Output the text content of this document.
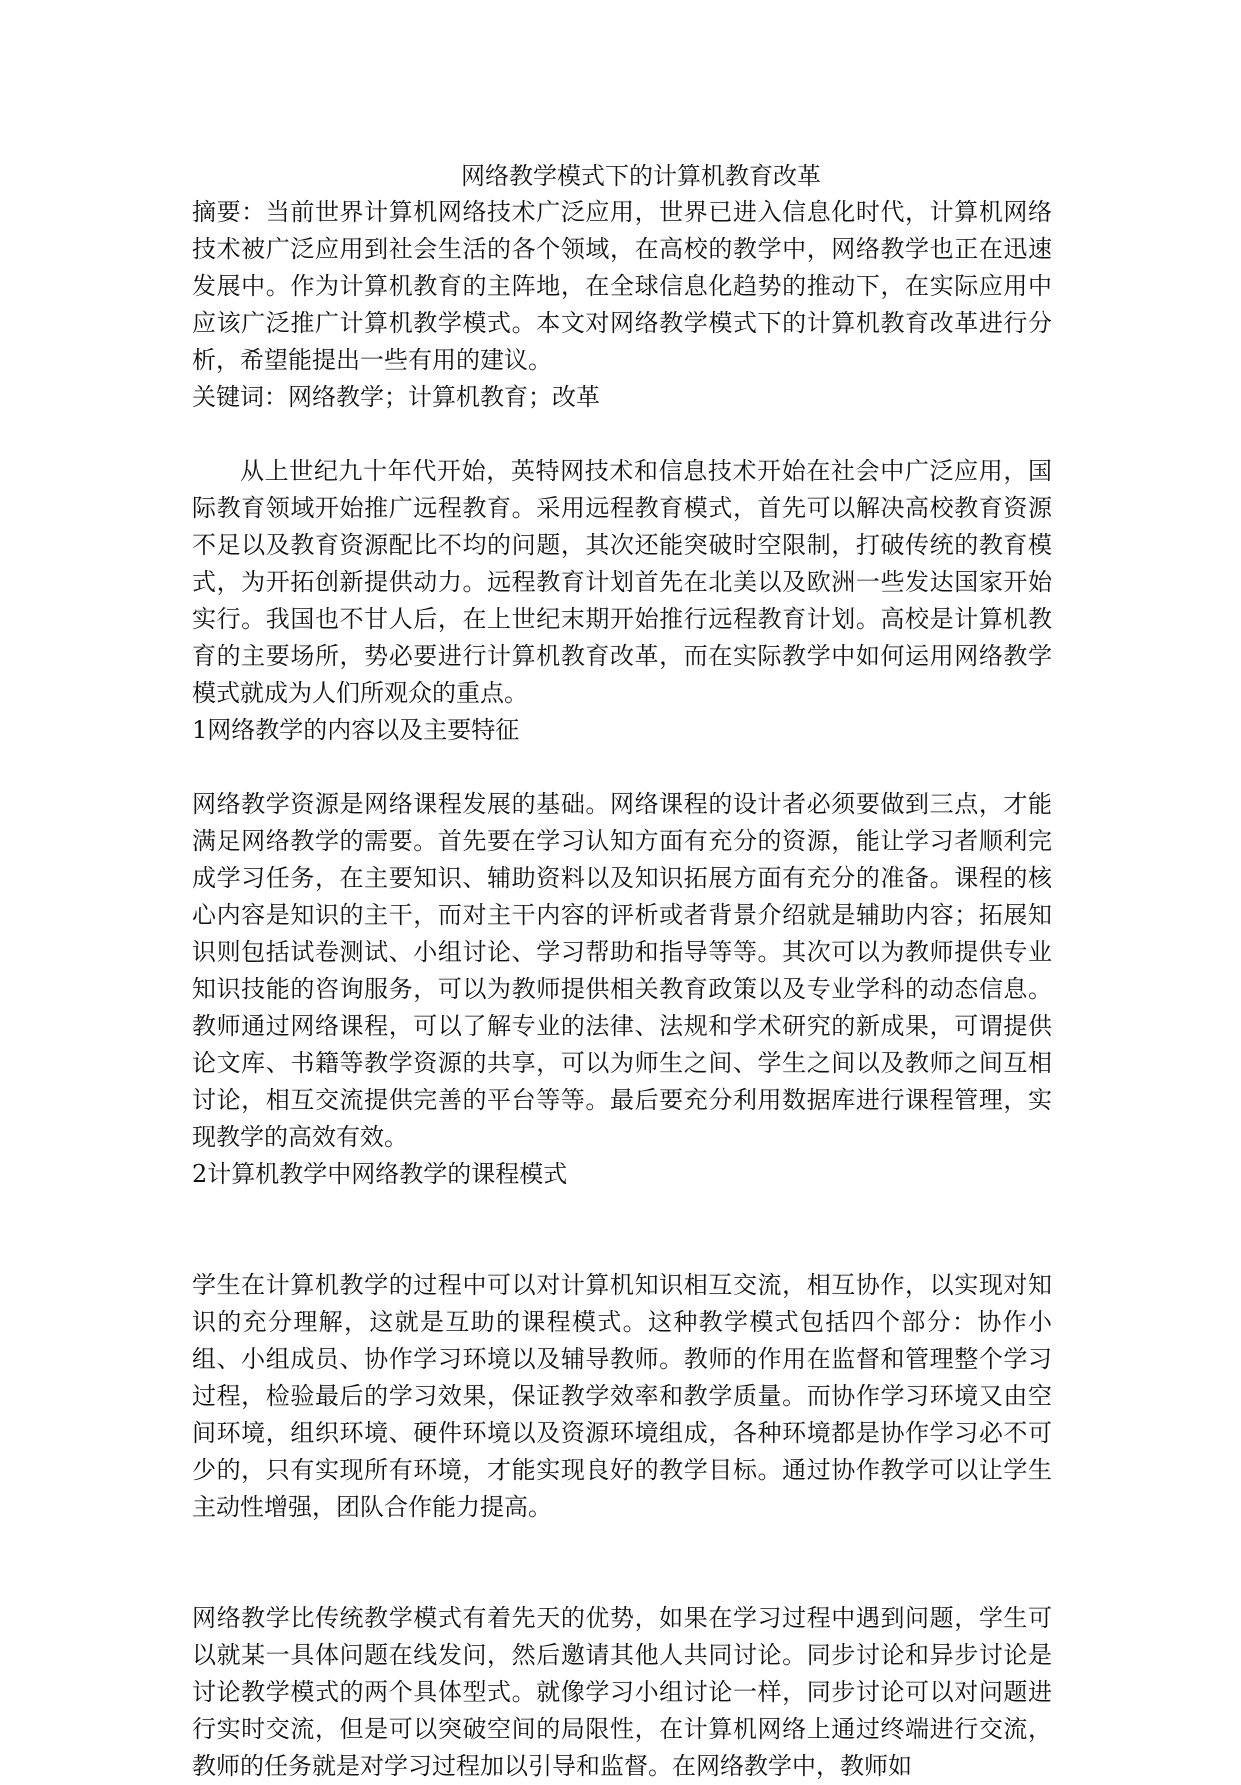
网络教学模式下的计算机教育改革

摘要：当前世界计算机网络技术广泛应用，世界已进入信息化时代，计算机网络技术被广泛应用到社会生活的各个领域，在高校的教学中，网络教学也正在迅速发展中。作为计算机教育的主阵地，在全球信息化趋势的推动下，在实际应用中应该广泛推广计算机教学模式。本文对网络教学模式下的计算机教育改革进行分析，希望能提出一些有用的建议。

关键词：网络教学；计算机教育；改革

从上世纪九十年代开始，英特网技术和信息技术开始在社会中广泛应用，国际教育领域开始推广远程教育。采用远程教育模式，首先可以解决高校教育资源不足以及教育资源配比不均的问题，其次还能突破时空限制，打破传统的教育模式，为开拓创新提供动力。远程教育计划首先在北美以及欧洲一些发达国家开始实行。我国也不甘人后，在上世纪末期开始推行远程教育计划。高校是计算机教育的主要场所，势必要进行计算机教育改革，而在实际教学中如何运用网络教学模式就成为人们所观众的重点。

1网络教学的内容以及主要特征

网络教学资源是网络课程发展的基础。网络课程的设计者必须要做到三点，才能满足网络教学的需要。首先要在学习认知方面有充分的资源，能让学习者顺利完成学习任务，在主要知识、辅助资料以及知识拓展方面有充分的准备。课程的核心内容是知识的主干，而对主干内容的评析或者背景介绍就是辅助内容；拓展知识则包括试卷测试、小组讨论、学习帮助和指导等等。其次可以为教师提供专业知识技能的咨询服务，可以为教师提供相关教育政策以及专业学科的动态信息。教师通过网络课程，可以了解专业的法律、法规和学术研究的新成果，可谓提供论文库、书籍等教学资源的共享，可以为师生之间、学生之间以及教师之间互相讨论，相互交流提供完善的平台等等。最后要充分利用数据库进行课程管理，实现教学的高效有效。

2计算机教学中网络教学的课程模式

学生在计算机教学的过程中可以对计算机知识相互交流，相互协作，以实现对知识的充分理解，这就是互助的课程模式。这种教学模式包括四个部分：协作小组、小组成员、协作学习环境以及辅导教师。教师的作用在监督和管理整个学习过程，检验最后的学习效果，保证教学效率和教学质量。而协作学习环境又由空间环境，组织环境、硬件环境以及资源环境组成，各种环境都是协作学习必不可少的，只有实现所有环境，才能实现良好的教学目标。通过协作教学可以让学生主动性增强，团队合作能力提高。

网络教学比传统教学模式有着先天的优势，如果在学习过程中遇到问题，学生可以就某一具体问题在线发问，然后邀请其他人共同讨论。同步讨论和异步讨论是讨论教学模式的两个具体型式。就像学习小组讨论一样，同步讨论可以对问题进行实时交流，但是可以突破空间的局限性，在计算机网络上通过终端进行交流，教师的任务就是对学习过程加以引导和监督。在网络教学中，教师如
